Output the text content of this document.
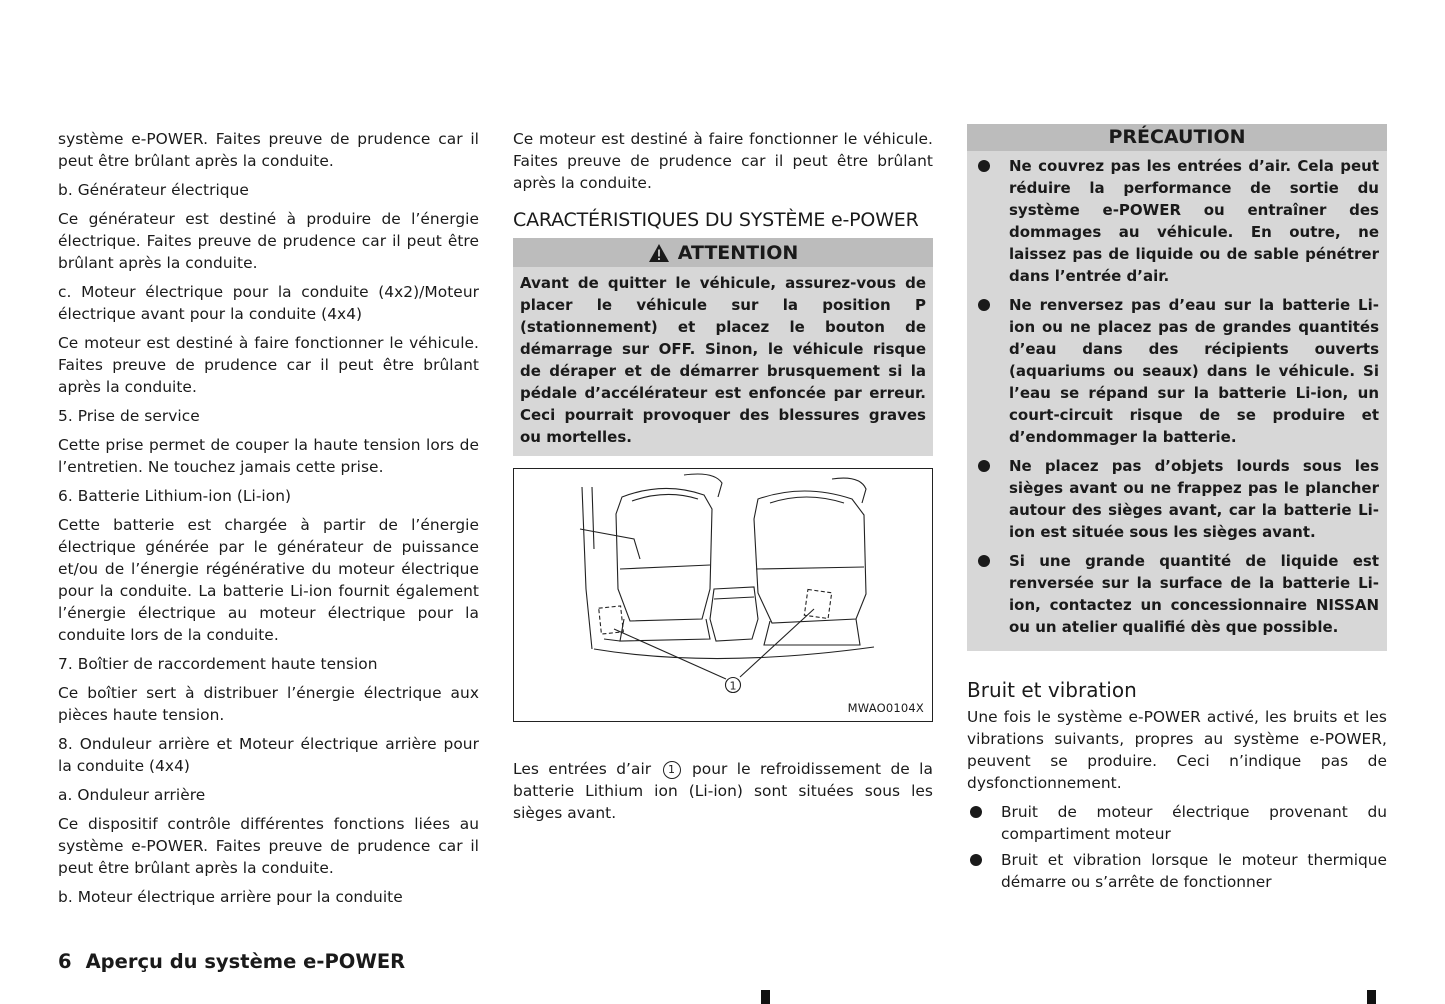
système e-POWER. Faites preuve de prudence car il peut être brûlant après la conduite.

b. Générateur électrique

Ce générateur est destiné à produire de l’énergie électrique. Faites preuve de prudence car il peut être brûlant après la conduite.

c. Moteur électrique pour la conduite (4x2)/Moteur électrique avant pour la conduite (4x4)

Ce moteur est destiné à faire fonctionner le véhicule. Faites preuve de prudence car il peut être brûlant après la conduite.

5. Prise de service

Cette prise permet de couper la haute tension lors de l’entretien. Ne touchez jamais cette prise.

6. Batterie Lithium-ion (Li-ion)

Cette batterie est chargée à partir de l’énergie électrique générée par le générateur de puissance et/ou de l’énergie régénérative du moteur électrique pour la conduite. La batterie Li-ion fournit également l’énergie électrique au moteur électrique pour la conduite lors de la conduite.

7. Boîtier de raccordement haute tension

Ce boîtier sert à distribuer l’énergie électrique aux pièces haute tension.

8. Onduleur arrière et Moteur électrique arrière pour la conduite (4x4)

a. Onduleur arrière

Ce dispositif contrôle différentes fonctions liées au système e-POWER. Faites preuve de prudence car il peut être brûlant après la conduite.

b. Moteur électrique arrière pour la conduite

Ce moteur est destiné à faire fonctionner le véhicule. Faites preuve de prudence car il peut être brûlant après la conduite.

CARACTÉRISTIQUES DU SYSTÈME e-POWER
ATTENTION
Avant de quitter le véhicule, assurez-vous de placer le véhicule sur la position P (stationnement) et placez le bouton de démarrage sur OFF. Sinon, le véhicule risque de déraper et de démarrer brusquement si la pédale d’accélérateur est enfoncée par erreur. Ceci pourrait provoquer des blessures graves ou mortelles.
1
MWAO0104X

Les entrées d’air 1 pour le refroidissement de la batterie Lithium ion (Li-ion) sont situées sous les sièges avant.

PRÉCAUTION
Ne couvrez pas les entrées d’air. Cela peut réduire la performance de sortie du système e-POWER ou entraîner des dommages au véhicule. En outre, ne laissez pas de liquide ou de sable pénétrer dans l’entrée d’air.
Ne renversez pas d’eau sur la batterie Li-ion ou ne placez pas de grandes quantités d’eau dans des récipients ouverts (aquariums ou seaux) dans le véhicule. Si l’eau se répand sur la batterie Li-ion, un court-circuit risque de se produire et d’endommager la batterie.
Ne placez pas d’objets lourds sous les sièges avant ou ne frappez pas le plancher autour des sièges avant, car la batterie Li-ion est située sous les sièges avant.
Si une grande quantité de liquide est renversée sur la surface de la batterie Li-ion, contactez un concessionnaire NISSAN ou un atelier qualifié dès que possible.
Bruit et vibration

Une fois le système e-POWER activé, les bruits et les vibrations suivants, propres au système e-POWER, peuvent se produire. Ceci n’indique pas de dysfonctionnement.

Bruit de moteur électrique provenant du compartiment moteur
Bruit et vibration lorsque le moteur thermique démarre ou s’arrête de fonctionner
6 Aperçu du système e-POWER
